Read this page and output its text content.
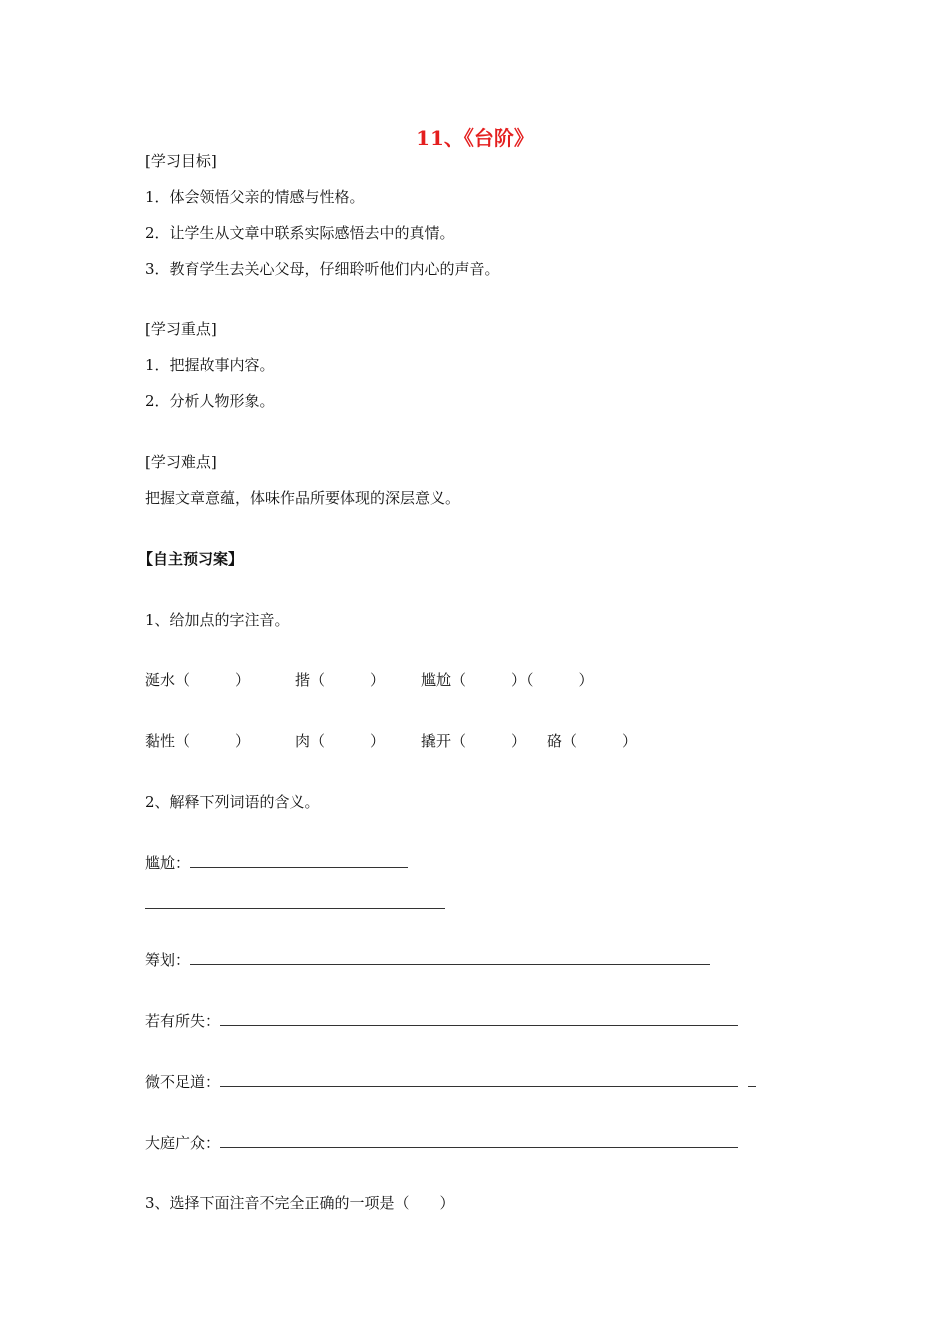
11、《台阶》
[学习目标]
1．体会领悟父亲的情感与性格。
2．让学生从文章中联系实际感悟去中的真情。
3．教育学生去关心父母，仔细聆听他们内心的声音。
[学习重点]
1．把握故事内容。
2．分析人物形象。
[学习难点]
把握文章意蕴，体味作品所要体现的深层意义。
【自主预习案】
1、给加点的字注音。
涎水（　　　）	揩（　　　） 尴尬（　　　）（　　　）
黏性（　　　）	肉（　　　） 撬开（　　　） 硌（　　　）
2、解释下列词语的含义。
尴尬：
筹划：
若有所失：
微不足道：
大庭广众：
3、选择下面注音不完全正确的一项是（　　）
